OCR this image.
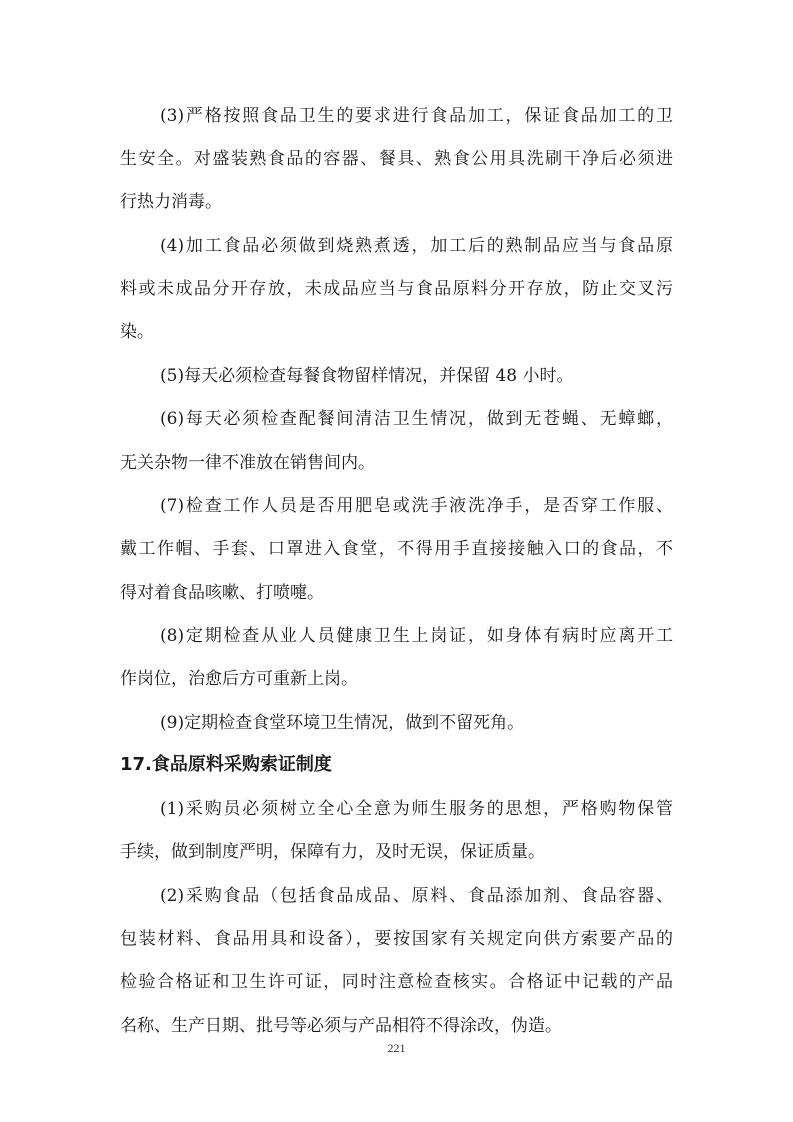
(3)严格按照食品卫生的要求进行食品加工，保证食品加工的卫
生安全。对盛装熟食品的容器、餐具、熟食公用具洗刷干净后必须进
行热力消毒。
(4)加工食品必须做到烧熟煮透，加工后的熟制品应当与食品原
料或未成品分开存放，未成品应当与食品原料分开存放，防止交叉污
染。
(5)每天必须检查每餐食物留样情况，并保留 48 小时。
(6)每天必须检查配餐间清洁卫生情况，做到无苍蝇、无蟑螂，
无关杂物一律不准放在销售间内。
(7)检查工作人员是否用肥皂或洗手液洗净手，是否穿工作服、
戴工作帽、手套、口罩进入食堂，不得用手直接接触入口的食品，不
得对着食品咳嗽、打喷嚏。
(8)定期检查从业人员健康卫生上岗证，如身体有病时应离开工
作岗位，治愈后方可重新上岗。
(9)定期检查食堂环境卫生情况，做到不留死角。
17.食品原料采购索证制度
(1)采购员必须树立全心全意为师生服务的思想，严格购物保管
手续，做到制度严明，保障有力，及时无误，保证质量。
(2)采购食品（包括食品成品、原料、食品添加剂、食品容器、
包装材料、食品用具和设备），要按国家有关规定向供方索要产品的
检验合格证和卫生许可证，同时注意检查核实。合格证中记载的产品
名称、生产日期、批号等必须与产品相符不得涂改，伪造。
221
